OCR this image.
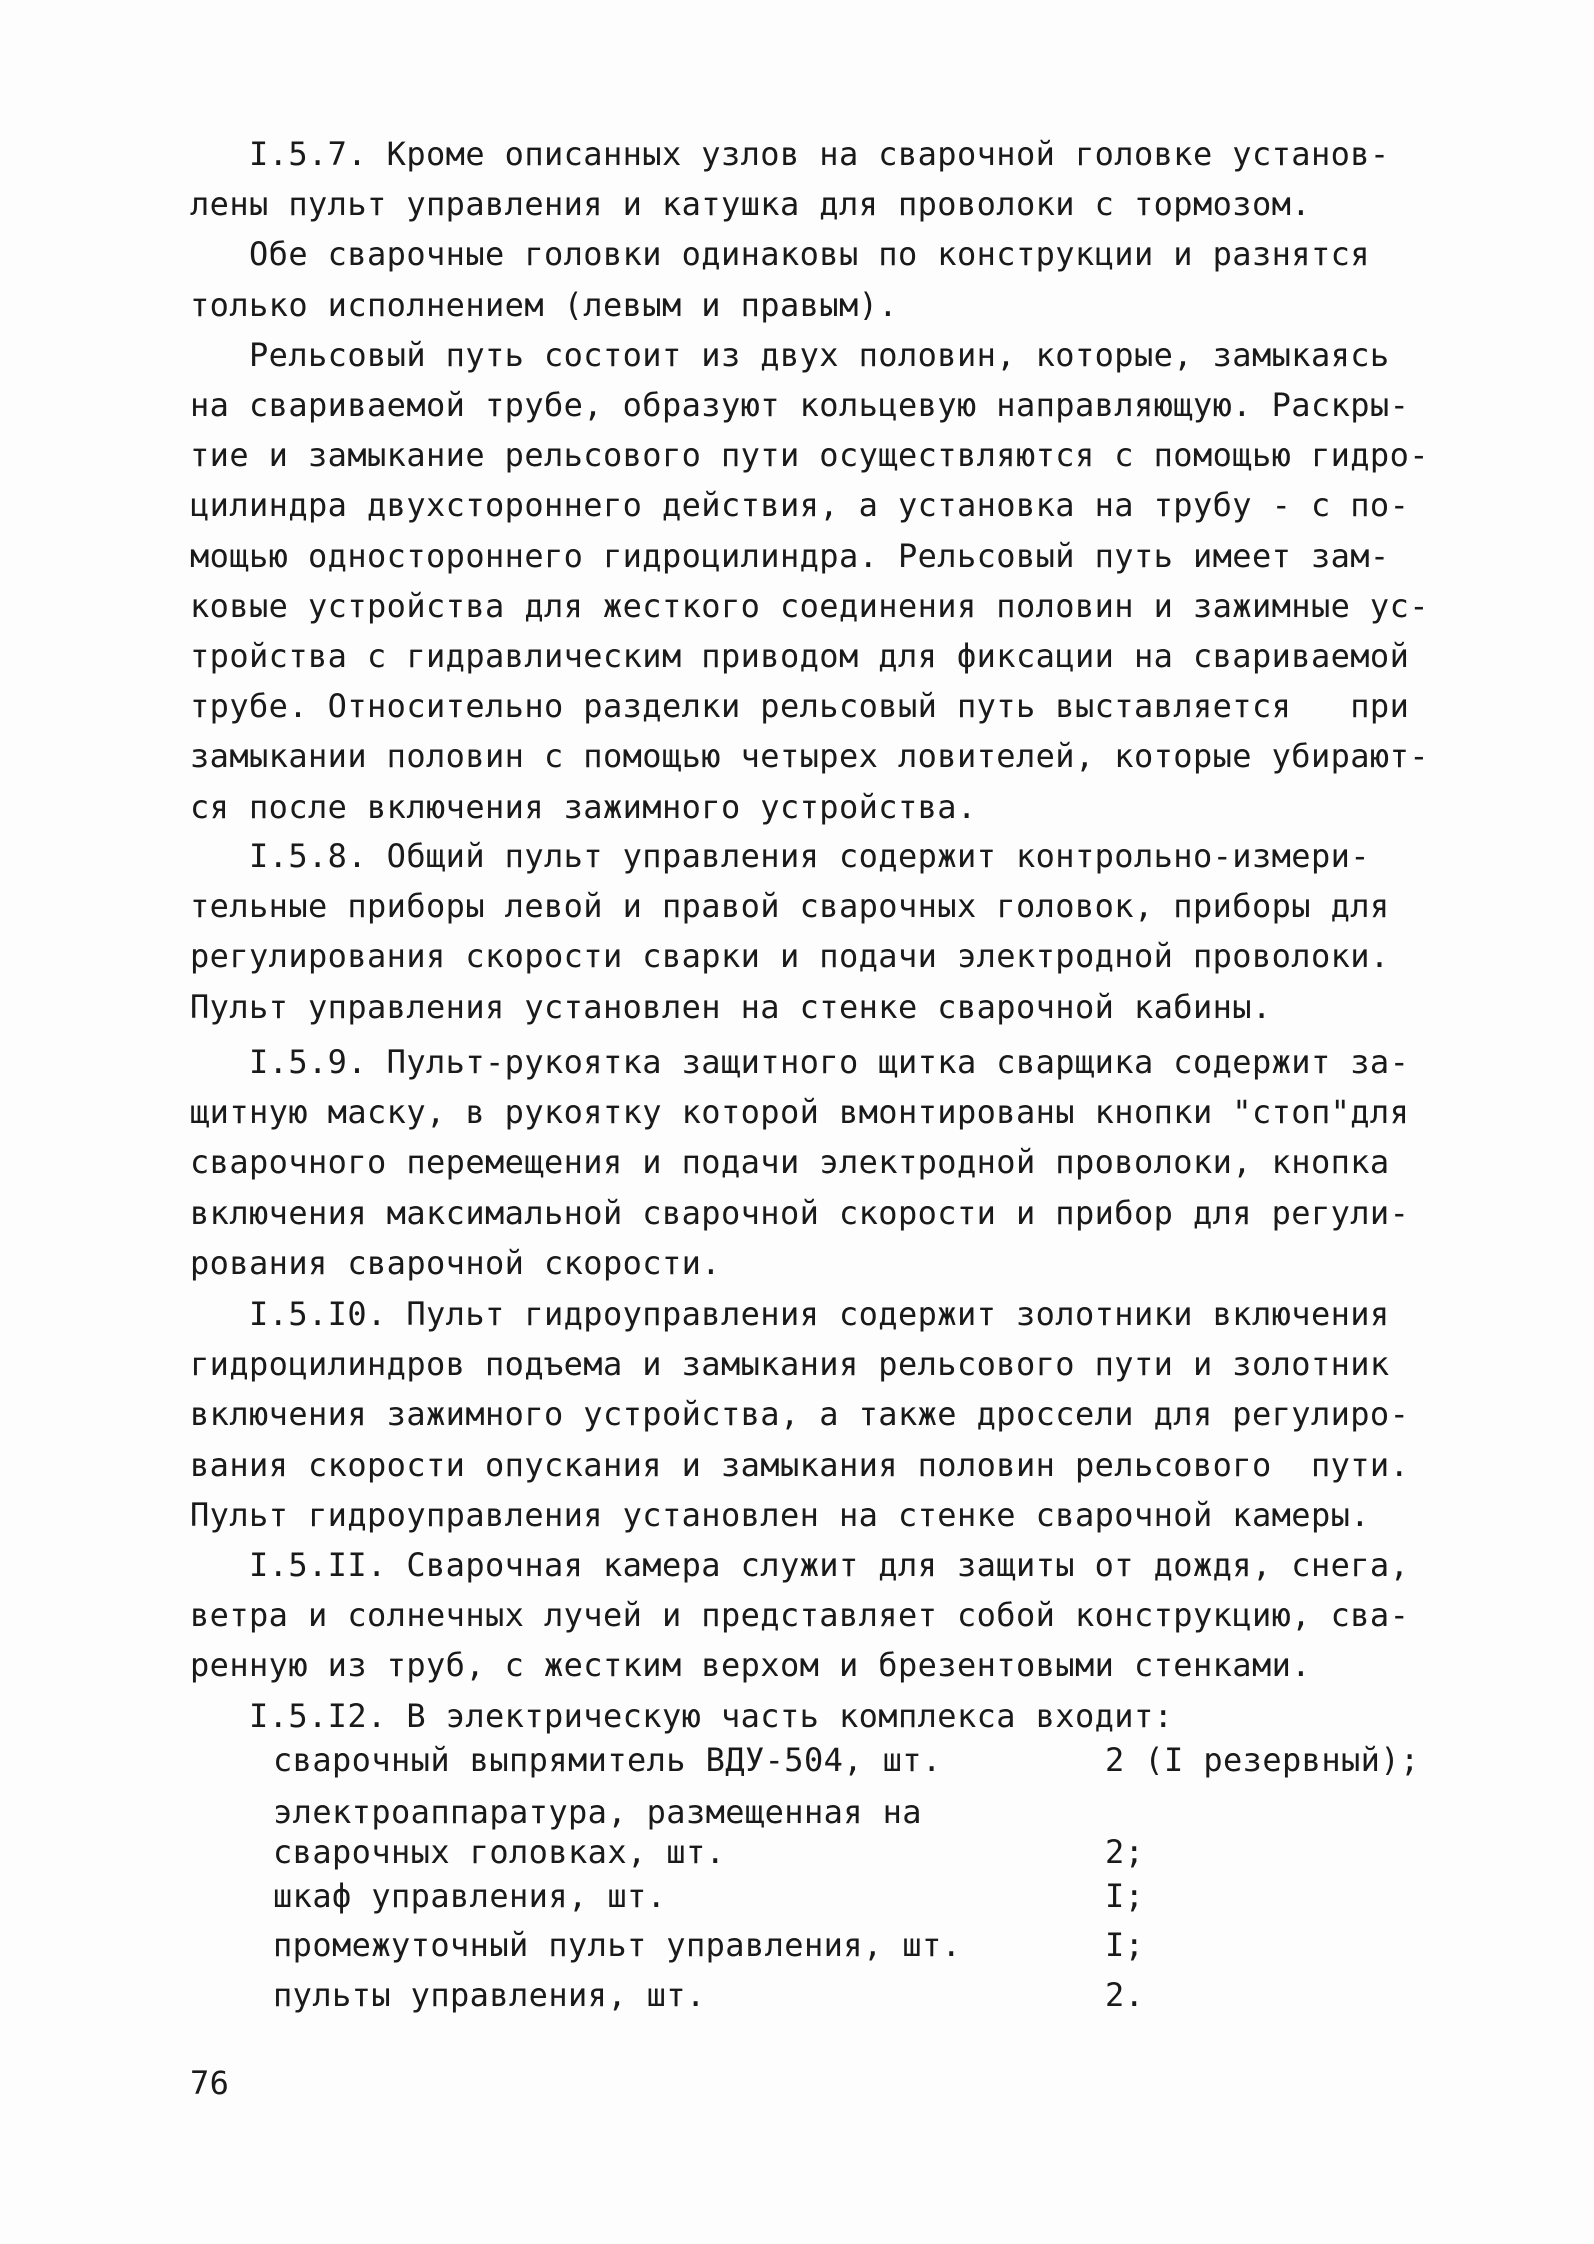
I.5.7. Кроме описанных узлов на сварочной головке установ-
лены пульт управления и катушка для проволоки с тормозом.
Обе сварочные головки одинаковы по конструкции и разнятся
только исполнением (левым и правым).
Рельсовый путь состоит из двух половин, которые, замыкаясь
на свариваемой трубе, образуют кольцевую направляющую. Раскры-
тие и замыкание рельсового пути осуществляются с помощью гидро-
цилиндра двухстороннего действия, а установка на трубу - с по-
мощью одностороннего гидроцилиндра. Рельсовый путь имеет зам-
ковые устройства для жесткого соединения половин и зажимные ус-
тройства с гидравлическим приводом для фиксации на свариваемой
трубе. Относительно разделки рельсовый путь выставляется   при
замыкании половин с помощью четырех ловителей, которые убирают-
ся после включения зажимного устройства.
I.5.8. Общий пульт управления содержит контрольно-измери-
тельные приборы левой и правой сварочных головок, приборы для
регулирования скорости сварки и подачи электродной проволоки.
Пульт управления установлен на стенке сварочной кабины.
I.5.9. Пульт-рукоятка защитного щитка сварщика содержит за-
щитную маску, в рукоятку которой вмонтированы кнопки "стоп"для
сварочного перемещения и подачи электродной проволоки, кнопка
включения максимальной сварочной скорости и прибор для регули-
рования сварочной скорости.
I.5.I0. Пульт гидроуправления содержит золотники включения
гидроцилиндров подъема и замыкания рельсового пути и золотник
включения зажимного устройства, а также дроссели для регулиро-
вания скорости опускания и замыкания половин рельсового  пути.
Пульт гидроуправления установлен на стенке сварочной камеры.
I.5.II. Сварочная камера служит для защиты от дождя, снега,
ветра и солнечных лучей и представляет собой конструкцию, сва-
ренную из труб, с жестким верхом и брезентовыми стенками.
I.5.I2. В электрическую часть комплекса входит:
сварочный выпрямитель ВДУ-504, шт.	2 (I резервный);
электроаппаратура, размещенная на
сварочных головках, шт.	2;
шкаф управления, шт.	I;
промежуточный пульт управления, шт.	I;
пульты управления, шт.	2.
76
